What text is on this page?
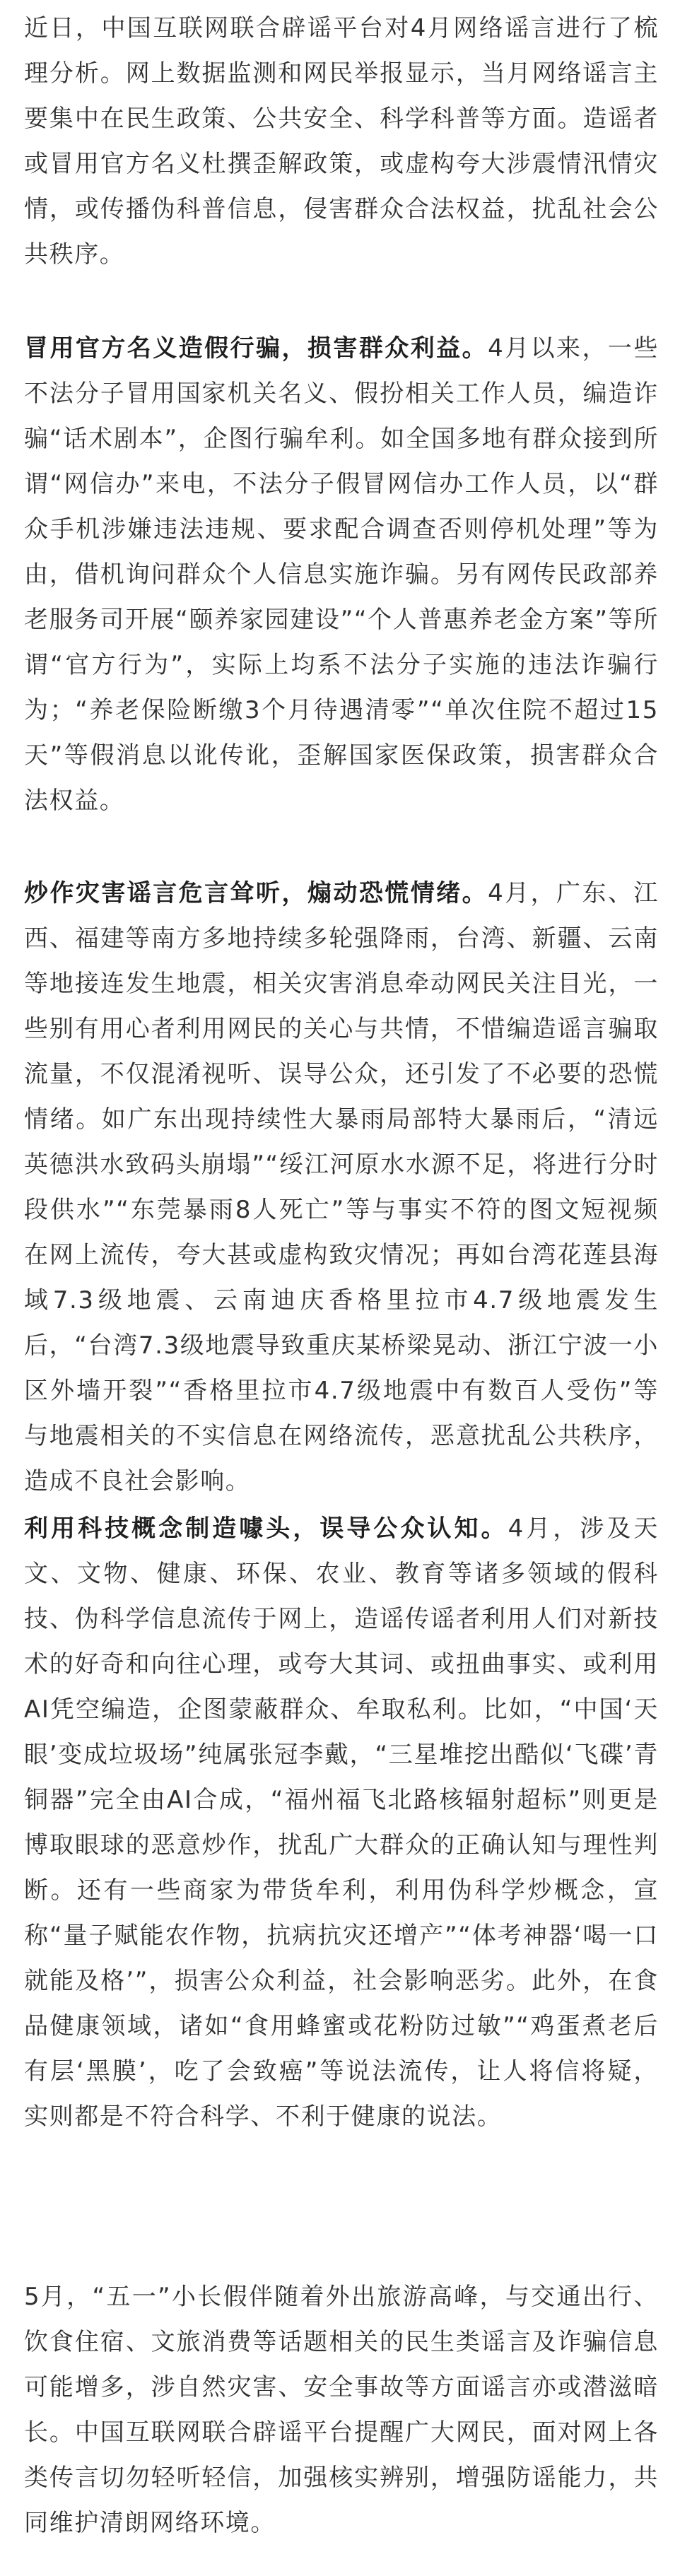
近日，中国互联网联合辟谣平台对4月网络谣言进行了梳理分析。网上数据监测和网民举报显示，当月网络谣言主要集中在民生政策、公共安全、科学科普等方面。造谣者或冒用官方名义杜撰歪解政策，或虚构夸大涉震情汛情灾情，或传播伪科普信息，侵害群众合法权益，扰乱社会公共秩序。

冒用官方名义造假行骗，损害群众利益。4月以来，一些不法分子冒用国家机关名义、假扮相关工作人员，编造诈骗“话术剧本”，企图行骗牟利。如全国多地有群众接到所谓“网信办”来电，不法分子假冒网信办工作人员，以“群众手机涉嫌违法违规、要求配合调查否则停机处理”等为由，借机询问群众个人信息实施诈骗。另有网传民政部养老服务司开展“颐养家园建设”“个人普惠养老金方案”等所谓“官方行为”，实际上均系不法分子实施的违法诈骗行为；“养老保险断缴3个月待遇清零”“单次住院不超过15天”等假消息以讹传讹，歪解国家医保政策，损害群众合法权益。

炒作灾害谣言危言耸听，煽动恐慌情绪。4月，广东、江西、福建等南方多地持续多轮强降雨，台湾、新疆、云南等地接连发生地震，相关灾害消息牵动网民关注目光，一些别有用心者利用网民的关心与共情，不惜编造谣言骗取流量，不仅混淆视听、误导公众，还引发了不必要的恐慌情绪。如广东出现持续性大暴雨局部特大暴雨后，“清远英德洪水致码头崩塌”“绥江河原水水源不足，将进行分时段供水”“东莞暴雨8人死亡”等与事实不符的图文短视频在网上流传，夸大甚或虚构致灾情况；再如台湾花莲县海域7.3级地震、云南迪庆香格里拉市4.7级地震发生后，“台湾7.3级地震导致重庆某桥梁晃动、浙江宁波一小区外墙开裂”“香格里拉市4.7级地震中有数百人受伤”等与地震相关的不实信息在网络流传，恶意扰乱公共秩序，造成不良社会影响。

利用科技概念制造噱头，误导公众认知。4月，涉及天文、文物、健康、环保、农业、教育等诸多领域的假科技、伪科学信息流传于网上，造谣传谣者利用人们对新技术的好奇和向往心理，或夸大其词、或扭曲事实、或利用AI凭空编造，企图蒙蔽群众、牟取私利。比如，“中国‘天眼’变成垃圾场”纯属张冠李戴，“三星堆挖出酷似‘飞碟’青铜器”完全由AI合成，“福州福飞北路核辐射超标”则更是博取眼球的恶意炒作，扰乱广大群众的正确认知与理性判断。还有一些商家为带货牟利，利用伪科学炒概念，宣称“量子赋能农作物，抗病抗灾还增产”“体考神器‘喝一口就能及格’”，损害公众利益，社会影响恶劣。此外，在食品健康领域，诸如“食用蜂蜜或花粉防过敏”“鸡蛋煮老后有层‘黑膜’，吃了会致癌”等说法流传，让人将信将疑，实则都是不符合科学、不利于健康的说法。

5月，“五一”小长假伴随着外出旅游高峰，与交通出行、饮食住宿、文旅消费等话题相关的民生类谣言及诈骗信息可能增多，涉自然灾害、安全事故等方面谣言亦或潜滋暗长。中国互联网联合辟谣平台提醒广大网民，面对网上各类传言切勿轻听轻信，加强核实辨别，增强防谣能力，共同维护清朗网络环境。
